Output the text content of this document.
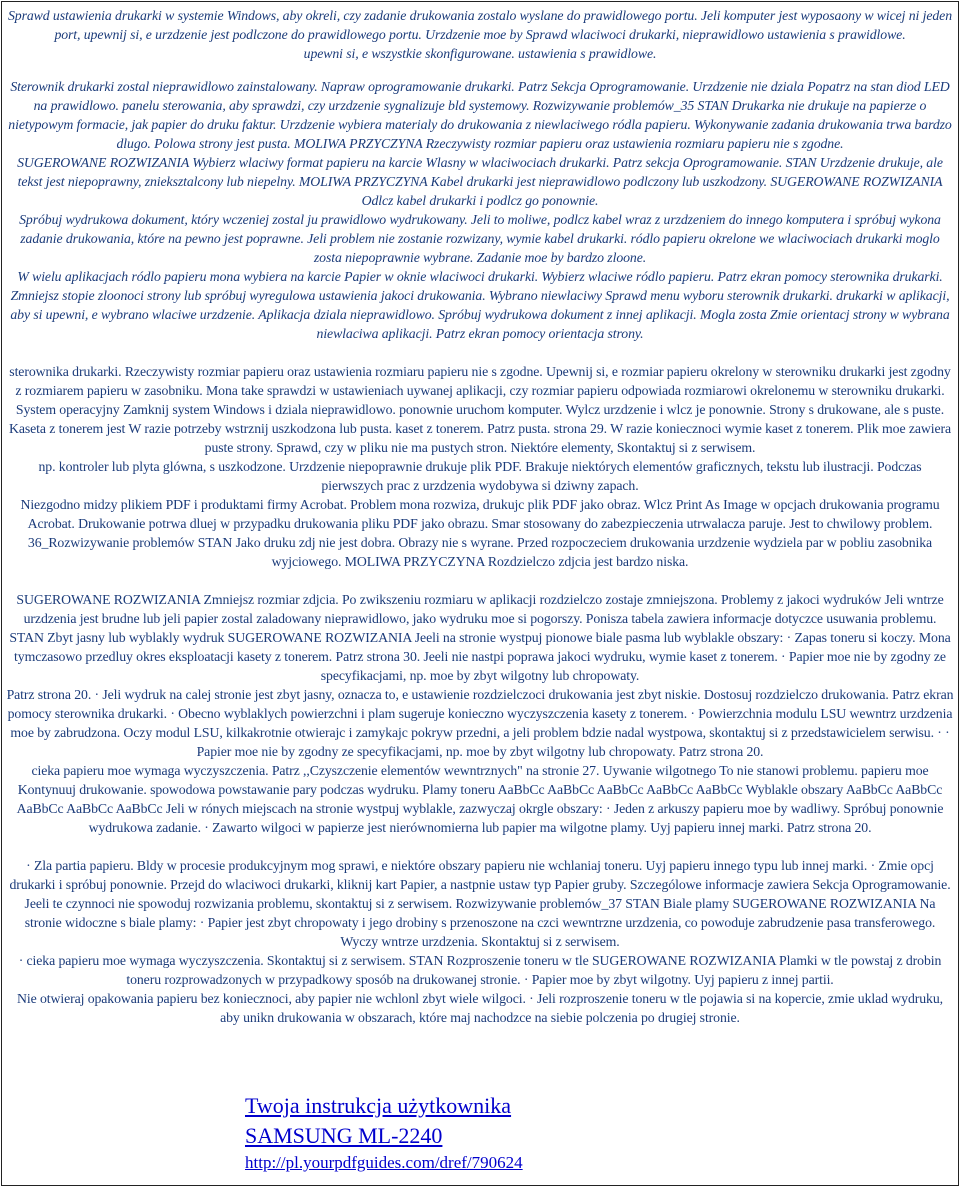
Sprawd ustawienia drukarki w systemie Windows, aby okreli, czy zadanie drukowania zostalo wyslane do prawidlowego portu. Jeli komputer jest wyposaony w wicej ni jeden port, upewnij si, e urzdzenie jest podlczone do prawidlowego portu. Urzdzenie moe by Sprawd wlaciwoci drukarki, nieprawidlowo ustawienia s prawidlowe.
upewni si, e wszystkie skonfigurowane. ustawienia s prawidlowe.

Sterownik drukarki zostal nieprawidlowo zainstalowany. Napraw oprogramowanie drukarki. Patrz Sekcja Oprogramowanie. Urzdzenie nie dziala Popatrz na stan diod LED na prawidlowo. panelu sterowania, aby sprawdzi, czy urzdzenie sygnalizuje bld systemowy. Rozwizywanie problemów_35 STAN Drukarka nie drukuje na papierze o nietypowym formacie, jak papier do druku faktur. Urzdzenie wybiera materialy do drukowania z niewlaciwego ródla papieru. Wykonywanie zadania drukowania trwa bardzo dlugo. Polowa strony jest pusta. MOLIWA PRZYCZYNA Rzeczywisty rozmiar papieru oraz ustawienia rozmiaru papieru nie s zgodne.
SUGEROWANE ROZWIZANIA Wybierz wlaciwy format papieru na karcie Wlasny w wlaciwociach drukarki. Patrz sekcja Oprogramowanie. STAN Urzdzenie drukuje, ale tekst jest niepoprawny, znieksztalcony lub niepelny. MOLIWA PRZYCZYNA Kabel drukarki jest nieprawidlowo podlczony lub uszkodzony. SUGEROWANE ROZWIZANIA Odlcz kabel drukarki i podlcz go ponownie.
Spróbuj wydrukowa dokument, który wczeniej zostal ju prawidlowo wydrukowany. Jeli to moliwe, podlcz kabel wraz z urzdzeniem do innego komputera i spróbuj wykona zadanie drukowania, które na pewno jest poprawne. Jeli problem nie zostanie rozwizany, wymie kabel drukarki. ródlo papieru okrelone we wlaciwociach drukarki moglo zosta niepoprawnie wybrane. Zadanie moe by bardzo zloone.
W wielu aplikacjach ródlo papieru mona wybiera na karcie Papier w oknie wlaciwoci drukarki. Wybierz wlaciwe ródlo papieru. Patrz ekran pomocy sterownika drukarki. Zmniejsz stopie zloonoci strony lub spróbuj wyregulowa ustawienia jakoci drukowania. Wybrano niewlaciwy Sprawd menu wyboru sterownik drukarki. drukarki w aplikacji, aby si upewni, e wybrano wlaciwe urzdzenie. Aplikacja dziala nieprawidlowo. Spróbuj wydrukowa dokument z innej aplikacji. Mogla zosta Zmie orientacj strony w wybrana niewlaciwa aplikacji. Patrz ekran pomocy orientacja strony.

sterownika drukarki. Rzeczywisty rozmiar papieru oraz ustawienia rozmiaru papieru nie s zgodne. Upewnij si, e rozmiar papieru okrelony w sterowniku drukarki jest zgodny z rozmiarem papieru w zasobniku. Mona take sprawdzi w ustawieniach uywanej aplikacji, czy rozmiar papieru odpowiada rozmiarowi okrelonemu w sterowniku drukarki. System operacyjny Zamknij system Windows i dziala nieprawidlowo. ponownie uruchom komputer. Wylcz urzdzenie i wlcz je ponownie. Strony s drukowane, ale s puste. Kaseta z tonerem jest W razie potrzeby wstrznij uszkodzona lub pusta. kaset z tonerem. Patrz pusta. strona 29. W razie koniecznoci wymie kaset z tonerem. Plik moe zawiera puste strony. Sprawd, czy w pliku nie ma pustych stron. Niektóre elementy, Skontaktuj si z serwisem.
np. kontroler lub plyta glówna, s uszkodzone. Urzdzenie niepoprawnie drukuje plik PDF. Brakuje niektórych elementów graficznych, tekstu lub ilustracji. Podczas pierwszych prac z urzdzenia wydobywa si dziwny zapach.
Niezgodno midzy plikiem PDF i produktami firmy Acrobat. Problem mona rozwiza, drukujc plik PDF jako obraz. Wlcz Print As Image w opcjach drukowania programu Acrobat. Drukowanie potrwa dluej w przypadku drukowania pliku PDF jako obrazu. Smar stosowany do zabezpieczenia utrwalacza paruje. Jest to chwilowy problem. 36_Rozwizywanie problemów STAN Jako druku zdj nie jest dobra. Obrazy nie s wyrane. Przed rozpoczeciem drukowania urzdzenie wydziela par w pobliu zasobnika wyjciowego. MOLIWA PRZYCZYNA Rozdzielczo zdjcia jest bardzo niska.

SUGEROWANE ROZWIZANIA Zmniejsz rozmiar zdjcia. Po zwikszeniu rozmiaru w aplikacji rozdzielczo zostaje zmniejszona. Problemy z jakoci wydruków Jeli wntrze urzdzenia jest brudne lub jeli papier zostal zaladowany nieprawidlowo, jako wydruku moe si pogorszy. Ponisza tabela zawiera informacje dotyczce usuwania problemu. STAN Zbyt jasny lub wyblakly wydruk SUGEROWANE ROZWIZANIA Jeeli na stronie wystpuj pionowe biale pasma lub wyblakle obszary: · Zapas toneru si koczy. Mona tymczasowo przedluy okres eksploatacji kasety z tonerem. Patrz strona 30. Jeeli nie nastpi poprawa jakoci wydruku, wymie kaset z tonerem. · Papier moe nie by zgodny ze specyfikacjami, np. moe by zbyt wilgotny lub chropowaty.
Patrz strona 20. · Jeli wydruk na calej stronie jest zbyt jasny, oznacza to, e ustawienie rozdzielczoci drukowania jest zbyt niskie. Dostosuj rozdzielczo drukowania. Patrz ekran pomocy sterownika drukarki. · Obecno wyblaklych powierzchni i plam sugeruje konieczno wyczyszczenia kasety z tonerem. · Powierzchnia modulu LSU wewntrz urzdzenia moe by zabrudzona. Oczy modul LSU, kilkakrotnie otwierajc i zamykajc pokryw przedni, a jeli problem bdzie nadal wystpowa, skontaktuj si z przedstawicielem serwisu. · · Papier moe nie by zgodny ze specyfikacjami, np. moe by zbyt wilgotny lub chropowaty. Patrz strona 20.
cieka papieru moe wymaga wyczyszczenia. Patrz ,,Czyszczenie elementów wewntrznych" na stronie 27. Uywanie wilgotnego To nie stanowi problemu. papieru moe Kontynuuj drukowanie. spowodowa powstawanie pary podczas wydruku. Plamy toneru AaBbCc AaBbCc AaBbCc AaBbCc AaBbCc Wyblakle obszary AaBbCc AaBbCc AaBbCc AaBbCc AaBbCc Jeli w rónych miejscach na stronie wystpuj wyblakle, zazwyczaj okrgle obszary: · Jeden z arkuszy papieru moe by wadliwy. Spróbuj ponownie wydrukowa zadanie. · Zawarto wilgoci w papierze jest nierównomierna lub papier ma wilgotne plamy. Uyj papieru innej marki. Patrz strona 20.

· Zla partia papieru. Bldy w procesie produkcyjnym mog sprawi, e niektóre obszary papieru nie wchlaniaj toneru. Uyj papieru innego typu lub innej marki. · Zmie opcj drukarki i spróbuj ponownie. Przejd do wlaciwoci drukarki, kliknij kart Papier, a nastpnie ustaw typ Papier gruby. Szczególowe informacje zawiera Sekcja Oprogramowanie. Jeeli te czynnoci nie spowoduj rozwizania problemu, skontaktuj si z serwisem. Rozwizywanie problemów_37 STAN Biale plamy SUGEROWANE ROZWIZANIA Na stronie widoczne s biale plamy: · Papier jest zbyt chropowaty i jego drobiny s przenoszone na czci wewntrzne urzdzenia, co powoduje zabrudzenie pasa transferowego. Wyczy wntrze urzdzenia. Skontaktuj si z serwisem.
· cieka papieru moe wymaga wyczyszczenia. Skontaktuj si z serwisem. STAN Rozproszenie toneru w tle SUGEROWANE ROZWIZANIA Plamki w tle powstaj z drobin toneru rozprowadzonych w przypadkowy sposób na drukowanej stronie. · Papier moe by zbyt wilgotny. Uyj papieru z innej partii.
Nie otwieraj opakowania papieru bez koniecznoci, aby papier nie wchlonl zbyt wiele wilgoci. · Jeli rozproszenie toneru w tle pojawia si na kopercie, zmie uklad wydruku, aby unikn drukowania w obszarach, które maj nachodzce na siebie polczenia po drugiej stronie.

Twoja instrukcja użytkownika
SAMSUNG ML-2240
http://pl.yourpdfguides.com/dref/790624
